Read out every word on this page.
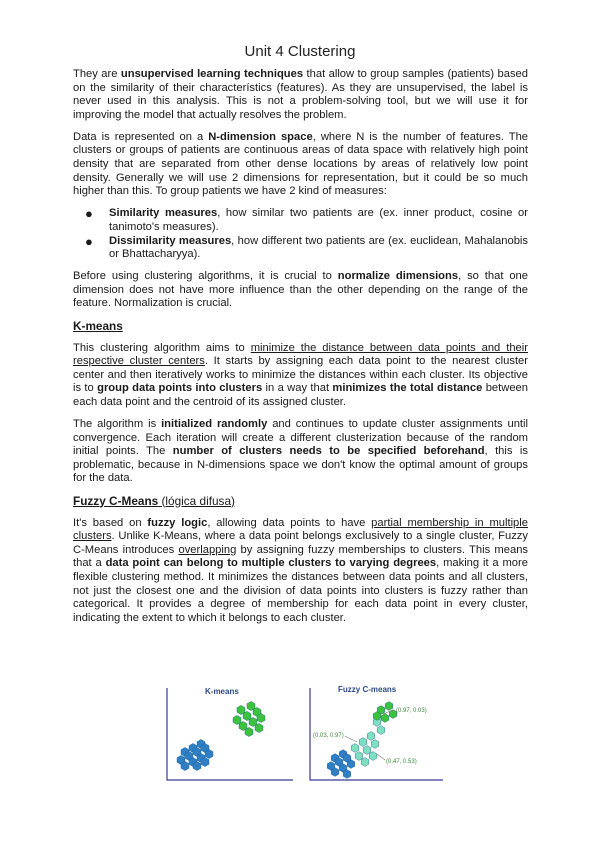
Unit 4 Clustering

They are unsupervised learning techniques that allow to group samples (patients) based on the similarity of their characterístics (features). As they are unsupervised, the label is never used in this analysis. This is not a problem-solving tool, but we will use it for improving the model that actually resolves the problem.

Data is represented on a N-dimension space, where N is the number of features. The clusters or groups of patients are continuous areas of data space with relatively high point density that are separated from other dense locations by areas of relatively low point density. Generally we will use 2 dimensions for representation, but it could be so much higher than this. To group patients we have 2 kind of measures:

● Similarity measures, how similar two patients are (ex. inner product, cosine or tanimoto's measures).
● Dissimilarity measures, how different two patients are (ex. euclidean, Mahalanobis or Bhattacharyya).

Before using clustering algorithms, it is crucial to normalize dimensions, so that one dimension does not have more influence than the other depending on the range of the feature. Normalization is crucial.

K-means

This clustering algorithm aims to minimize the distance between data points and their respective cluster centers. It starts by assigning each data point to the nearest cluster center and then iteratively works to minimize the distances within each cluster. Its objective is to group data points into clusters in a way that minimizes the total distance between each data point and the centroid of its assigned cluster.

The algorithm is initialized randomly and continues to update cluster assignments until convergence. Each iteration will create a different clusterization because of the random initial points. The number of clusters needs to be specified beforehand, this is problematic, because in N-dimensions space we don't know the optimal amount of groups for the data.

Fuzzy C-Means (lógica difusa)

It's based on fuzzy logic, allowing data points to have partial membership in multiple clusters. Unlike K-Means, where a data point belongs exclusively to a single cluster, Fuzzy C-Means introduces overlapping by assigning fuzzy memberships to clusters. This means that a data point can belong to multiple clusters to varying degrees, making it a more flexible clustering method. It minimizes the distances between data points and all clusters, not just the closest one and the division of data points into clusters is fuzzy rather than categorical. It provides a degree of membership for each data point in every cluster, indicating the extent to which it belongs to each cluster.

K-means	Fuzzy C-means
(0.97, 0.03)
(0.03, 0.97)
(0.47, 0.53)
